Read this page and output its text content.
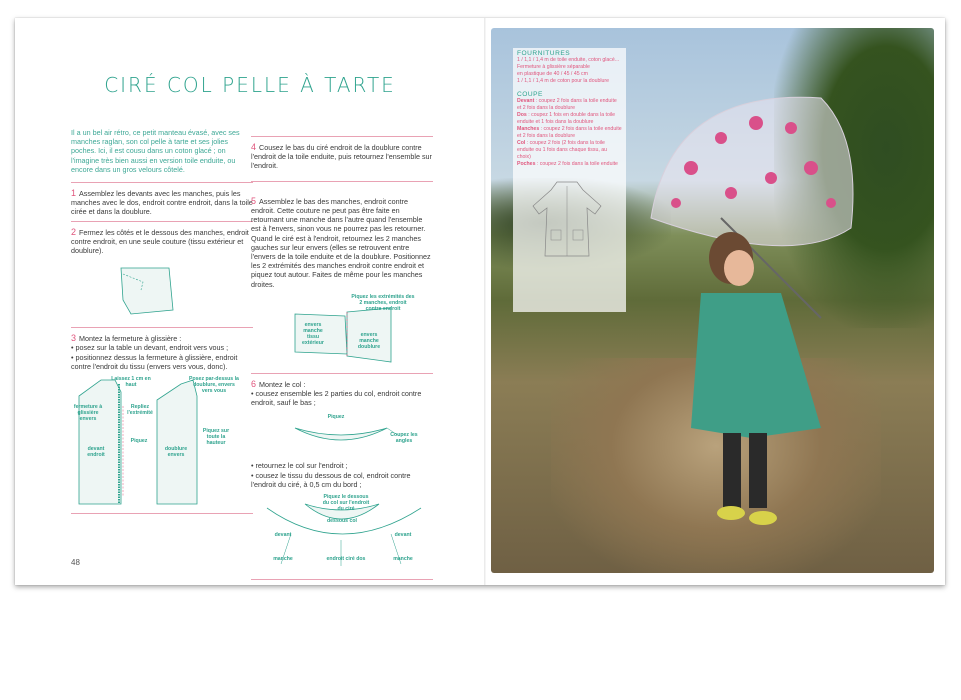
CIRÉ COL PELLE À TARTE
Il a un bel air rétro, ce petit manteau évasé, avec ses manches raglan, son col pelle à tarte et ses jolies poches. Ici, il est cousu dans un coton glacé ; on l'imagine très bien aussi en version toile enduite, ou encore dans un gros velours côtelé.
1 Assemblez les devants avec les manches, puis les manches avec le dos, endroit contre endroit, dans la toile cirée et dans la doublure.
2 Fermez les côtés et le dessous des manches, endroit contre endroit, en une seule couture (tissu extérieur et doublure).
3 Montez la fermeture à glissière :
• posez sur la table un devant, endroit vers vous ;
• positionnez dessus la fermeture à glissière, endroit contre l'endroit du tissu (envers vers vous, donc).
Laissez 1 cm en haut
fermeture à glissière envers
Repliez l'extrémité
Piquez
devant endroit
Posez par-dessus la doublure, envers vers vous
Piquez sur toute la hauteur
doublure envers
4 Cousez le bas du ciré endroit de la doublure contre l'endroit de la toile enduite, puis retournez l'ensemble sur l'endroit.

5 Assemblez le bas des manches, endroit contre endroit. Cette couture ne peut pas être faite en retournant une manche dans l'autre quand l'ensemble est à l'envers, sinon vous ne pourrez pas les retourner.
Quand le ciré est à l'endroit, retournez les 2 manches gauches sur leur envers (elles se retrouvent entre l'envers de la toile enduite et de la doublure. Positionnez les 2 extrémités des manches endroit contre endroit et piquez tout autour. Faites de même pour les manches droites.

Piquez les extrémités des 2 manches, endroit contre endroit
envers manche tissu extérieur
envers manche doublure
6 Montez le col :
• cousez ensemble les 2 parties du col, endroit contre endroit, sauf le bas ;
Piquez
Coupez les angles
• retournez le col sur l'endroit ;
• cousez le tissu du dessous de col, endroit contre l'endroit du ciré, à 0,5 cm du bord ;
Piquez le dessous du col sur l'endroit du ciré
dessous col
devant	devant
manche	endroit ciré dos	manche
48
FOURNITURES
1 / 1,1 / 1,4 m de toile enduite, coton glacé...
Fermeture à glissière séparable
en plastique de 40 / 45 / 45 cm
1 / 1,1 / 1,4 m de coton pour la doublure
COUPE
Devant : coupez 2 fois dans la toile enduite et 2 fois dans la doublure
Dos : coupez 1 fois en double dans la toile enduite et 1 fois dans la doublure
Manches : coupez 2 fois dans la toile enduite et 2 fois dans la doublure
Col : coupez 2 fois (2 fois dans la toile enduite ou 1 fois dans chaque tissu, au choix)
Poches : coupez 2 fois dans la toile enduite
